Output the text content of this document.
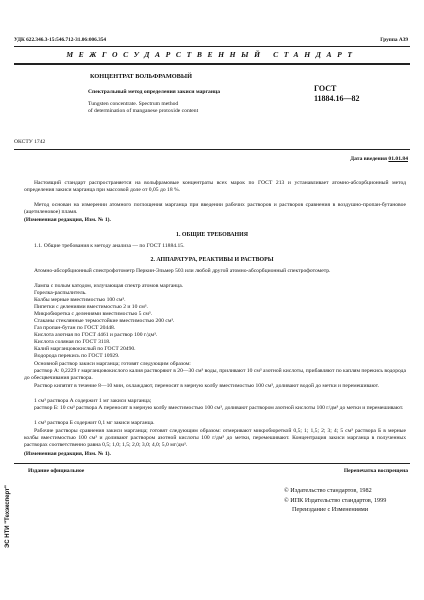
УДК 622.346.3-15:546.712-31.06:006.354	Группа А39
МЕЖГОСУДАРСТВЕННЫЙ СТАНДАРТ
КОНЦЕНТРАТ ВОЛЬФРАМОВЫЙ
Спектральный метод определения закиси марганца
Tungsten concentrate. Spectrum method
of determination of manganese protoxide content
ГОСТ
11884.16—82
ОКСТУ 1742
Дата введения 01.01.84
Настоящий стандарт распространяется на вольфрамовые концентраты всех марок по ГОСТ 213 и устанавливает атомно-абсорбционный метод определения закиси марганца при массовой доле от 0,05 до 18 %.
Метод основан на измерении атомного поглощения марганца при введении рабочих растворов и растворов сравнения в воздушно-пропан-бутановое (ацетиленовое) пламя.
(Измененная редакция, Изм. № 1).
1. ОБЩИЕ ТРЕБОВАНИЯ
1.1. Общие требования к методу анализа — по ГОСТ 11884.15.
2. АППАРАТУРА, РЕАКТИВЫ И РАСТВОРЫ
Атомно-абсорбционный спектрофотометр Перкин-Эльмер 503 или любой другой атомно-абсорбционный спектрофотометр.
Лампа с полым катодом, излучающая спектр атомов марганца.
Горелка-распылитель.
Колбы мерные вместимостью 100 см³.
Пипетки с делениями вместимостью 2 и 10 см³.
Микробюретка с делениями вместимостью 5 см³.
Стаканы стеклянные термостойкие вместимостью 200 см³.
Газ пропан-бутан по ГОСТ 20448.
Кислота азотная по ГОСТ 4461 и раствор 100 г/дм³.
Кислота соляная по ГОСТ 3118.
Калий марганцовокислый по ГОСТ 20490.
Водорода перекись по ГОСТ 10929.
Основной раствор закиси марганца; готовят следующим образом:
раствор А: 0,2229 г марганцовокислого калия растворяют в 20—30 см³ воды, приливают 10 см³ азотной кислоты, прибавляют по каплям перекись водорода до обесцвечивания раствора.
Раствор кипятят в течение 8—10 мин, охлаждают, переносят в мерную колбу вместимостью 100 см³, доливают водой до метки и перемешивают.
1 см³ раствора А содержит 1 мг закиси марганца;
раствор Б: 10 см³ раствора А переносят в мерную колбу вместимостью 100 см³, доливают раствором азотной кислоты 100 г/дм³ до метки и перемешивают.
1 см³ раствора Б содержит 0,1 мг закиси марганца.
Рабочие растворы сравнения закиси марганца; готовят следующим образом: отмеривают микробюреткой 0,5; 1; 1,5; 2; 3; 4; 5 см³ раствора Б в мерные колбы вместимостью 100 см³ и доливают раствором азотной кислоты 100 г/дм³ до метки, перемешивают. Концентрация закиси марганца в полученных растворах соответственно равна 0,5; 1,0; 1,5; 2,0; 3,0; 4,0; 5,0 мг/дм³.
(Измененная редакция, Изм. № 1).
Издание официальное	Перепечатка воспрещена
© Издательство стандартов, 1982
© ИПК Издательство стандартов, 1999
Переиздание с Изменениями
ЭС НТИ "Техэксперт"
